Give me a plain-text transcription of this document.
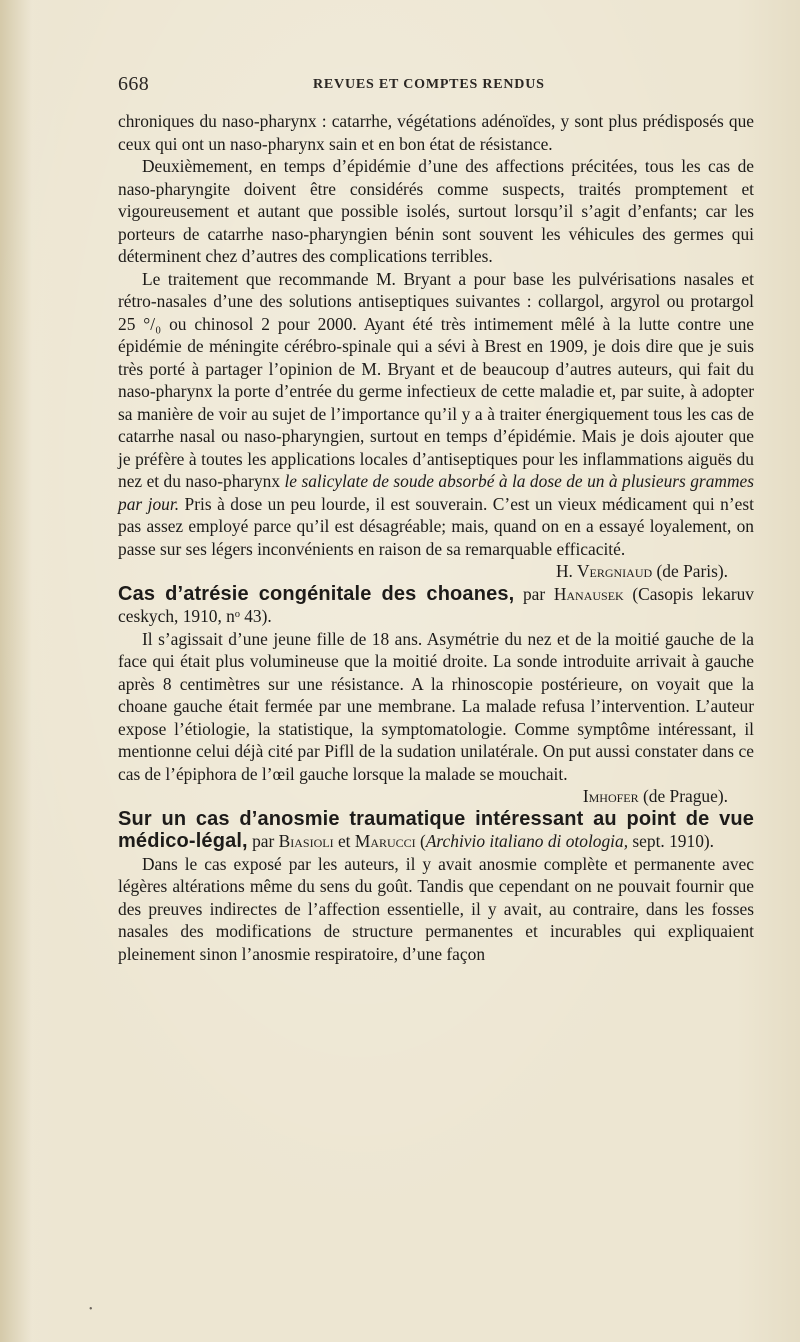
668	REVUES ET COMPTES RENDUS

chroniques du naso-pharynx : catarrhe, végétations adénoïdes, y sont plus prédisposés que ceux qui ont un naso-pharynx sain et en bon état de résistance.

Deuxièmement, en temps d’épidémie d’une des affections précitées, tous les cas de naso-pharyngite doivent être considérés comme suspects, traités promptement et vigoureusement et autant que possible isolés, surtout lorsqu’il s’agit d’enfants; car les porteurs de catarrhe naso-pharyngien bénin sont souvent les véhicules des germes qui déterminent chez d’autres des complications terribles.

Le traitement que recommande M. Bryant a pour base les pulvérisations nasales et rétro-nasales d’une des solutions antiseptiques suivantes : collargol, argyrol ou protargol 25 °/₀ ou chinosol 2 pour 2000. Ayant été très intimement mêlé à la lutte contre une épidémie de méningite cérébro-spinale qui a sévi à Brest en 1909, je dois dire que je suis très porté à partager l’opinion de M. Bryant et de beaucoup d’autres auteurs, qui fait du naso-pharynx la porte d’entrée du germe infectieux de cette maladie et, par suite, à adopter sa manière de voir au sujet de l’importance qu’il y a à traiter énergiquement tous les cas de catarrhe nasal ou naso-pharyngien, surtout en temps d’épidémie. Mais je dois ajouter que je préfère à toutes les applications locales d’antiseptiques pour les inflammations aiguës du nez et du naso-pharynx le salicylate de soude absorbé à la dose de un à plusieurs grammes par jour. Pris à dose un peu lourde, il est souverain. C’est un vieux médicament qui n’est pas assez employé parce qu’il est désagréable; mais, quand on en a essayé loyalement, on passe sur ses légers inconvénients en raison de sa remarquable efficacité.

H. Vergniaud (de Paris).

Cas d’atrésie congénitale des choanes, par Hanausek (Casopis lekaruv ceskych, 1910, nᵒ 43).

Il s’agissait d’une jeune fille de 18 ans. Asymétrie du nez et de la moitié gauche de la face qui était plus volumineuse que la moitié droite. La sonde introduite arrivait à gauche après 8 centimètres sur une résistance. A la rhinoscopie postérieure, on voyait que la choane gauche était fermée par une membrane. La malade refusa l’intervention. L’auteur expose l’étiologie, la statistique, la symptomatologie. Comme symptôme intéressant, il mentionne celui déjà cité par Pifll de la sudation unilatérale. On put aussi constater dans ce cas de l’épiphora de l’œil gauche lorsque la malade se mouchait.

Imhofer (de Prague).

Sur un cas d’anosmie traumatique intéressant au point de vue médico-légal, par Biasioli et Marucci (Archivio italiano di otologia, sept. 1910).

Dans le cas exposé par les auteurs, il y avait anosmie complète et permanente avec légères altérations même du sens du goût. Tandis que cependant on ne pouvait fournir que des preuves indirectes de l’affection essentielle, il y avait, au contraire, dans les fosses nasales des modifications de structure permanentes et incurables qui expliquaient pleinement sinon l’anosmie respiratoire, d’une façon

•
